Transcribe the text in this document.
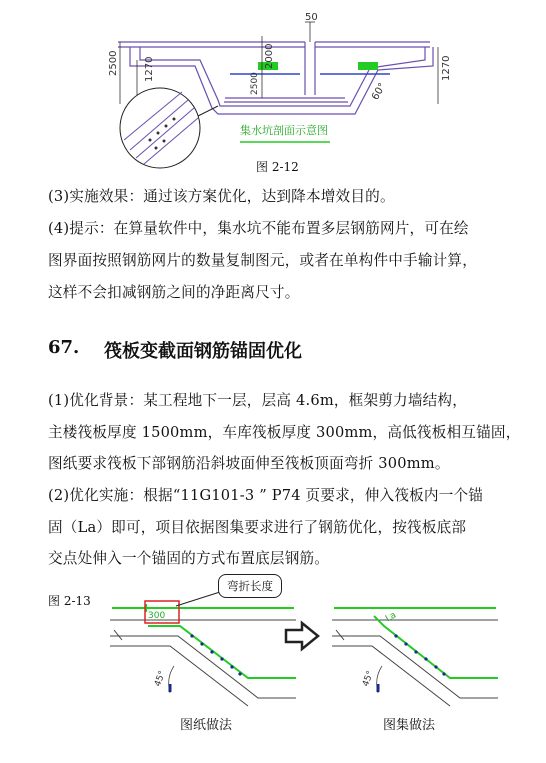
2500
50
1270
2000
2500
1270
60°
集水坑剖面示意图
图 2-12
(3)实施效果：通过该方案优化，达到降本增效目的。
(4)提示：在算量软件中，集水坑不能布置多层钢筋网片，可在绘
图界面按照钢筋网片的数量复制图元，或者在单构件中手输计算，
这样不会扣减钢筋之间的净距离尺寸。
67. 筏板变截面钢筋锚固优化
(1)优化背景：某工程地下一层，层高 4.6m，框架剪力墙结构，
主楼筏板厚度 1500mm，车库筏板厚度 300mm，高低筏板相互锚固，
图纸要求筏板下部钢筋沿斜坡面伸至筏板顶面弯折 300mm。
(2)优化实施：根据“11G101-3 ” P74 页要求，伸入筏板内一个锚
固（La）即可，项目依据图集要求进行了钢筋优化，按筏板底部
交点处伸入一个锚固的方式布置底层钢筋。
图 2-13
300
45°
弯折长度
La
45°
图纸做法	图集做法
